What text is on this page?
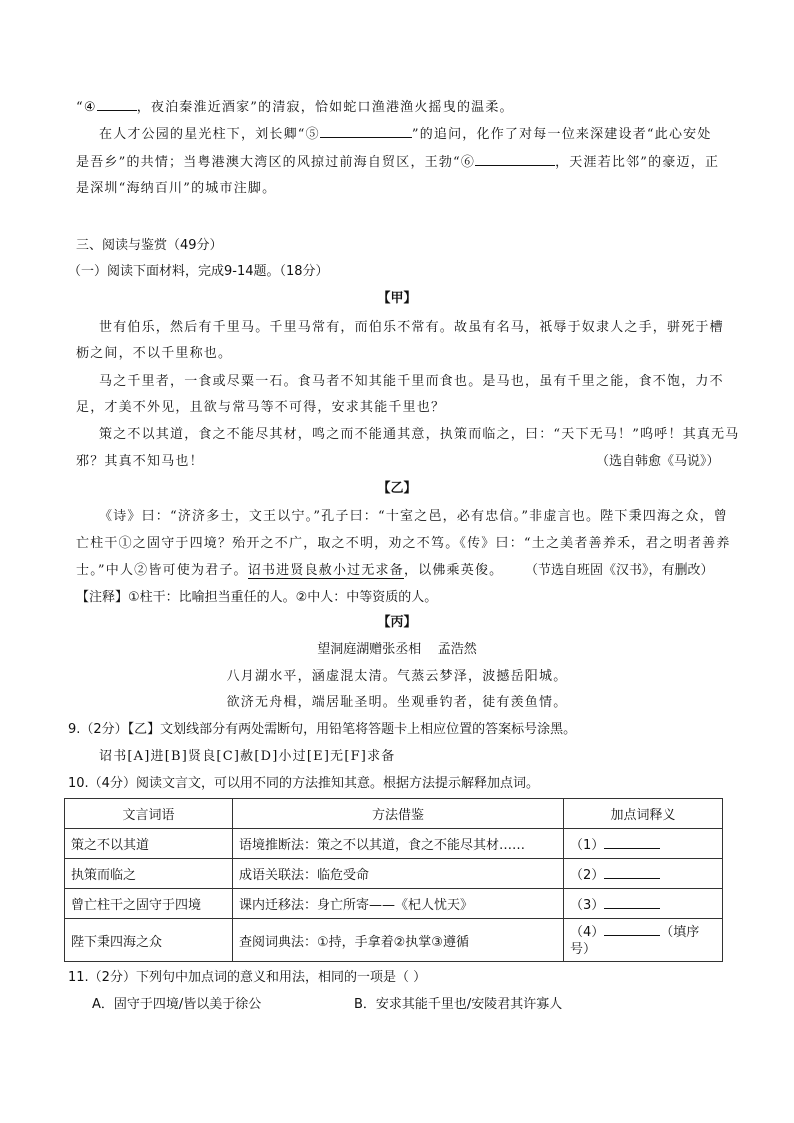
“④	，夜泊秦淮近酒家”的清寂，恰如蛇口渔港渔火摇曳的温柔。
在人才公园的星光柱下，刘长卿“⑤	”的追问，化作了对每一位来深建设者“此心安处
是吾乡”的共情；当粤港澳大湾区的风掠过前海自贸区，王勃“⑥	，天涯若比邻”的豪迈，正
是深圳“海纳百川”的城市注脚。
三、阅读与鉴赏（49分）
（一）阅读下面材料，完成9-14题。（18分）
【甲】
世有伯乐，然后有千里马。千里马常有，而伯乐不常有。故虽有名马，祇辱于奴隶人之手，骈死于槽
枥之间，不以千里称也。
马之千里者，一食或尽粟一石。食马者不知其能千里而食也。是马也，虽有千里之能，食不饱，力不
足，才美不外见，且欲与常马等不可得，安求其能千里也？
策之不以其道，食之不能尽其材，鸣之而不能通其意，执策而临之，曰：“天下无马！”呜呼！其真无马
邪？其真不知马也！	（选自韩愈《马说》）
【乙】
《诗》曰：“济济多士，文王以宁。”孔子曰：“十室之邑，必有忠信。”非虚言也。陛下秉四海之众，曾
亡柱干①之固守于四境？殆开之不广，取之不明，劝之不笃。《传》曰：“土之美者善养禾，君之明者善养
士。”中人②皆可使为君子。诏书进贤良赦小过无求备，以佛乘英俊。 （节选自班固《汉书》，有删改）
【注释】①柱干：比喻担当重任的人。②中人：中等资质的人。
【丙】
望洞庭湖赠张丞相    孟浩然
八月湖水平，涵虚混太清。气蒸云梦泽，波撼岳阳城。
欲济无舟楫，端居耻圣明。坐观垂钓者，徒有羡鱼情。
9.（2分）【乙】文划线部分有两处需断句，用铅笔将答题卡上相应位置的答案标号涂黑。
诏书[A]进[B]贤良[C]赦[D]小过[E]无[F]求备
10.（4分）阅读文言文，可以用不同的方法推知其意。根据方法提示解释加点词。
文言词语	方法借鉴	加点词释义
策之不以其道	语境推断法：策之不以其道，食之不能尽其材……	（1）
执策而临之	成语关联法：临危受命	（2）
曾亡柱干之固守于四境	课内迁移法：身亡所寄——《杞人忧天》	（3）
陛下秉四海之众	查阅词典法：①持，手拿着②执掌③遵循	（4） （填序号）
11.（2分）下列句中加点词的意义和用法，相同的一项是（ ）
A．固守于四境/皆以美于徐公	B．安求其能千里也/安陵君其许寡人
